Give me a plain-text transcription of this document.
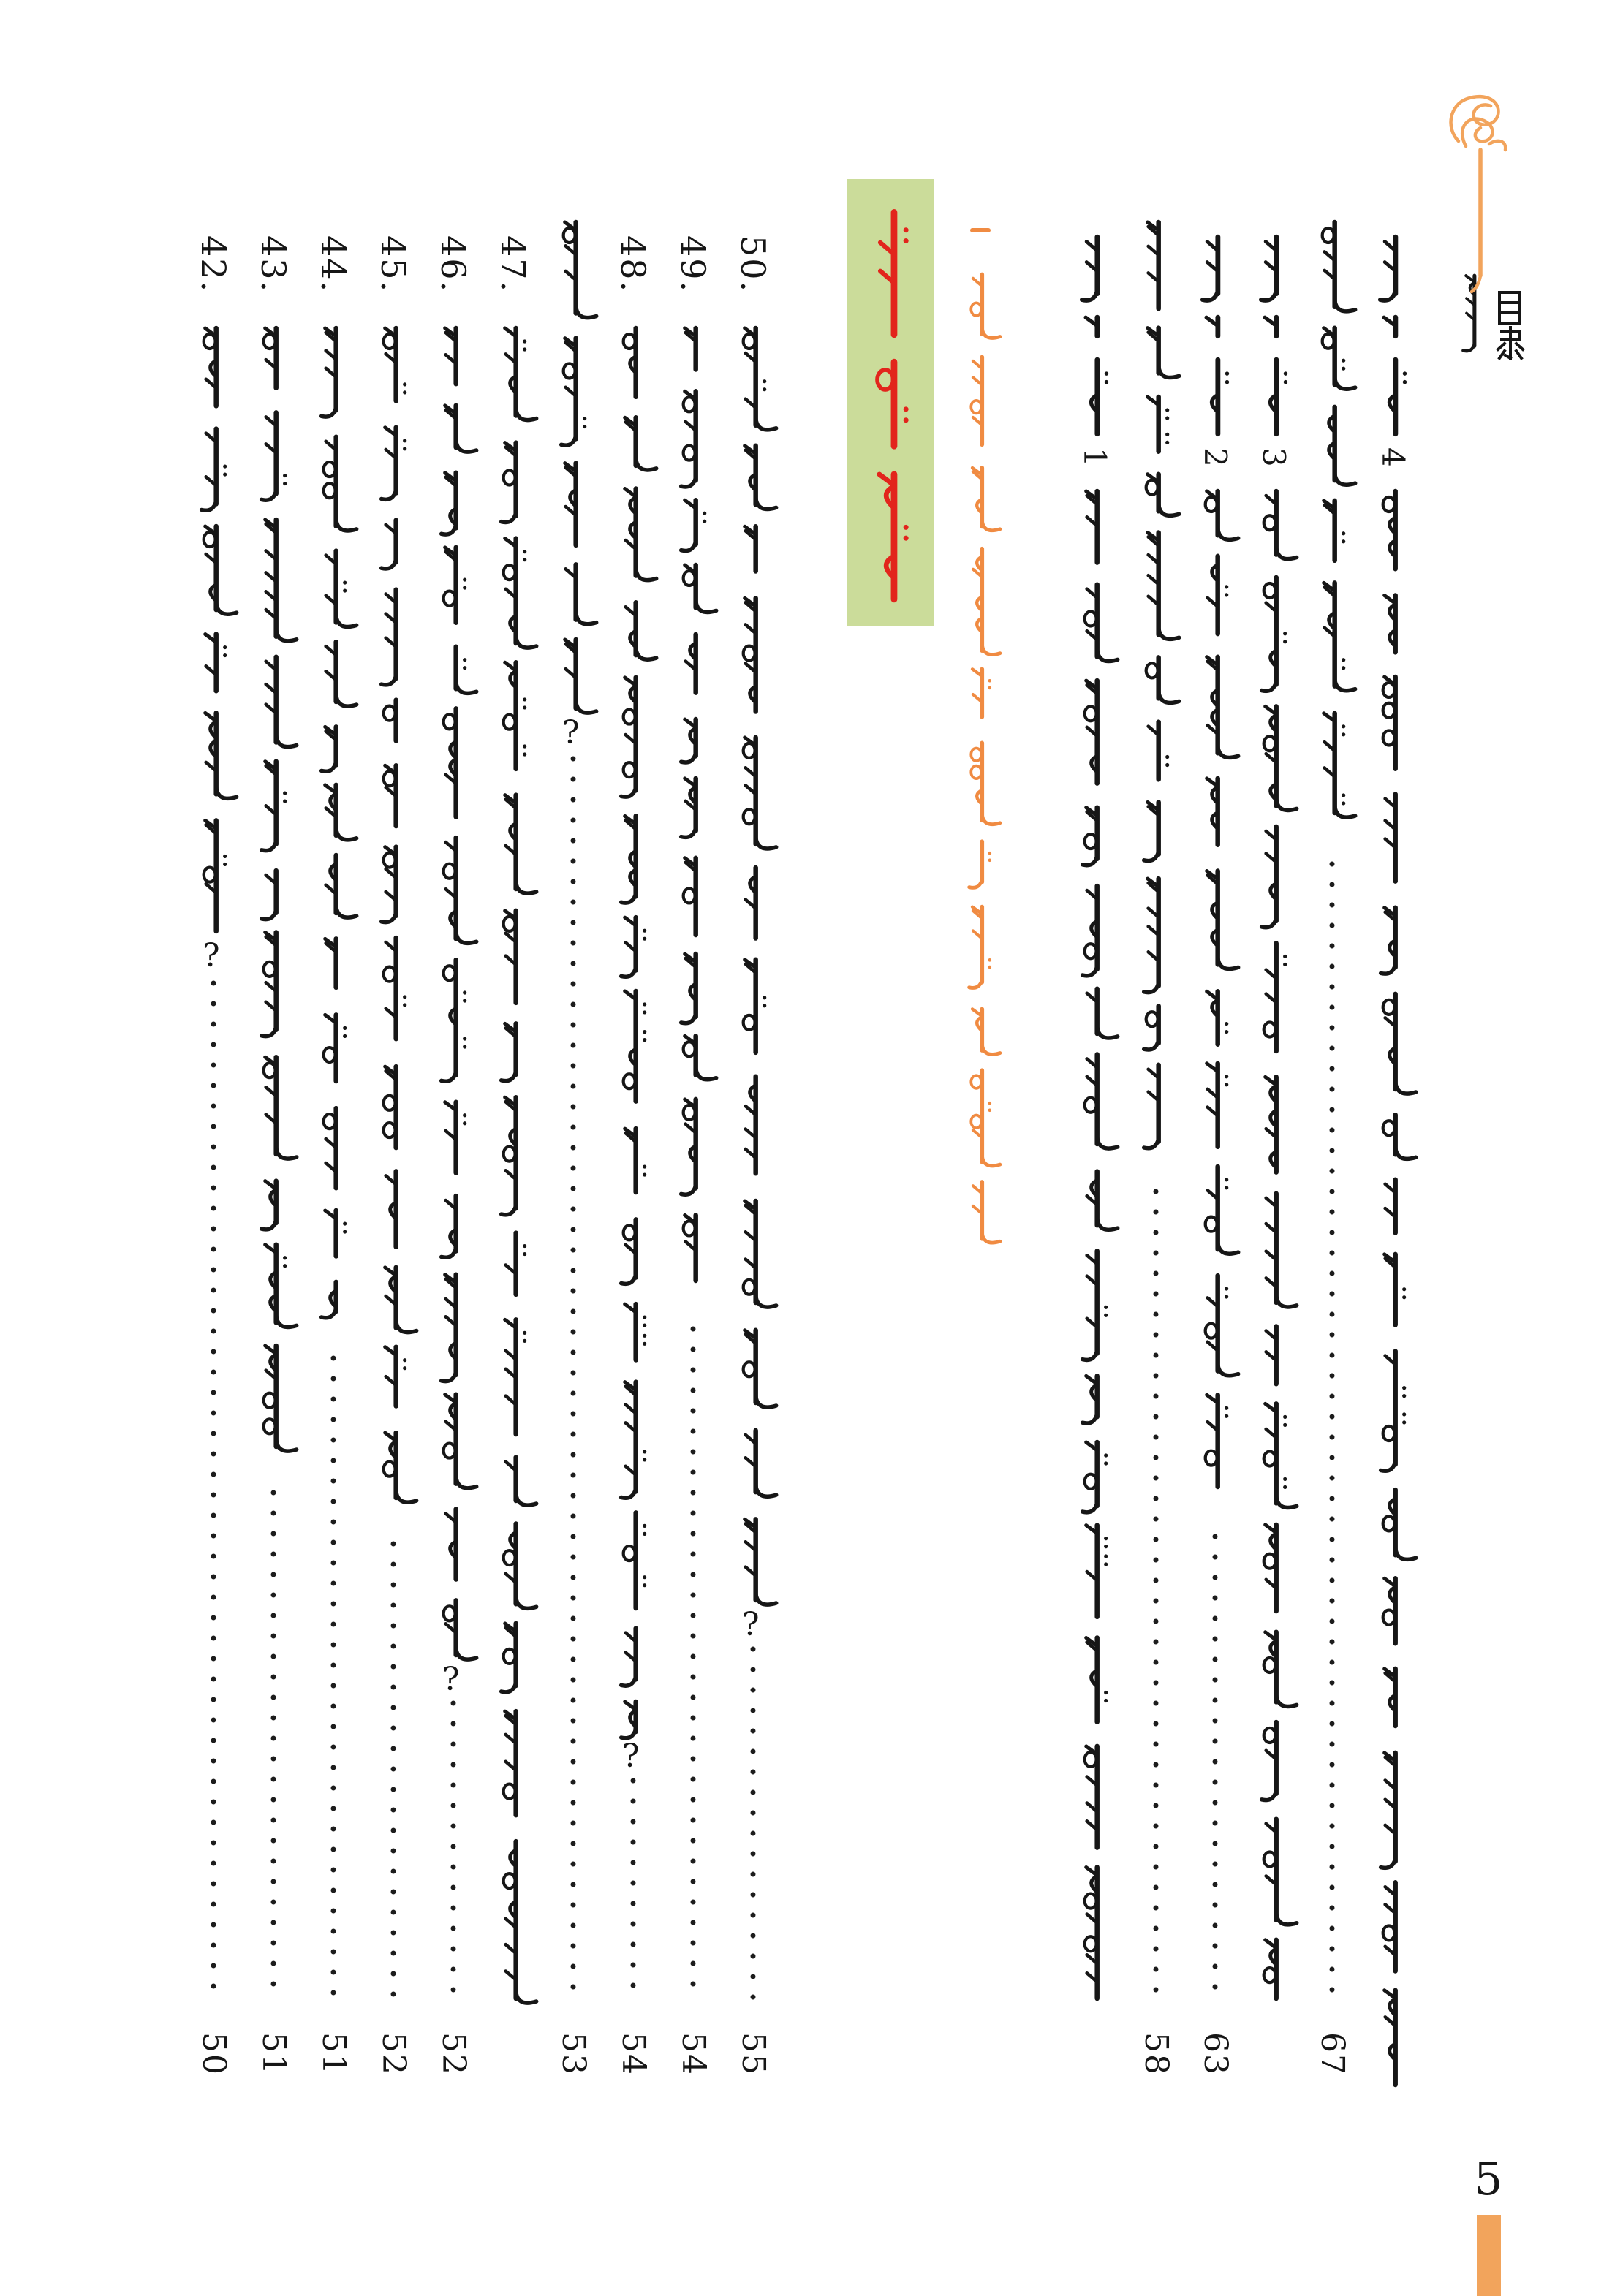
42.
50
?
43.
51
44.
51
45.
52
46.
52
?
47.
53
?
48.
54
?
49.
54
50.
55
?
1
58
2
63
3
67
4
5
